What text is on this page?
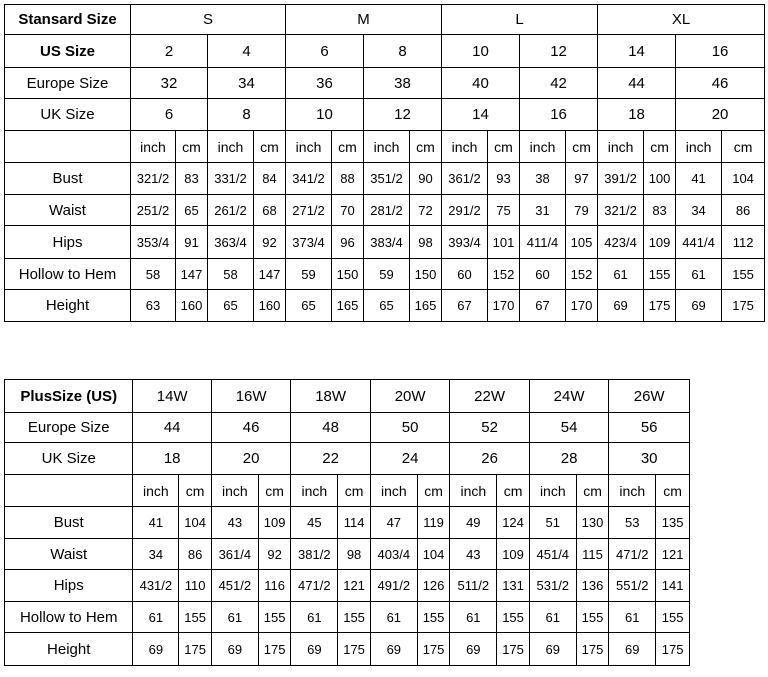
Stansard Size	S				M				L				XL			
US Size	2		4		6		8		10		12		14		16	
Europe Size	32		34		36		38		40		42		44		46	
UK Size	6		8		10		12		14		16		18		20	
	inch	cm	inch	cm	inch	cm	inch	cm	inch	cm	inch	cm	inch	cm	inch	cm
Bust	321/2	83	331/2	84	341/2	88	351/2	90	361/2	93	38	97	391/2	100	41	104
Waist	251/2	65	261/2	68	271/2	70	281/2	72	291/2	75	31	79	321/2	83	34	86
Hips	353/4	91	363/4	92	373/4	96	383/4	98	393/4	101	411/4	105	423/4	109	441/4	112
Hollow to Hem	58	147	58	147	59	150	59	150	60	152	60	152	61	155	61	155
Height	63	160	65	160	65	165	65	165	67	170	67	170	69	175	69	175
PlusSize (US)	14W		16W		18W		20W		22W		24W		26W	
Europe Size	44		46		48		50		52		54		56	
UK Size	18		20		22		24		26		28		30	
	inch	cm	inch	cm	inch	cm	inch	cm	inch	cm	inch	cm	inch	cm
Bust	41	104	43	109	45	114	47	119	49	124	51	130	53	135
Waist	34	86	361/4	92	381/2	98	403/4	104	43	109	451/4	115	471/2	121
Hips	431/2	110	451/2	116	471/2	121	491/2	126	511/2	131	531/2	136	551/2	141
Hollow to Hem	61	155	61	155	61	155	61	155	61	155	61	155	61	155
Height	69	175	69	175	69	175	69	175	69	175	69	175	69	175
